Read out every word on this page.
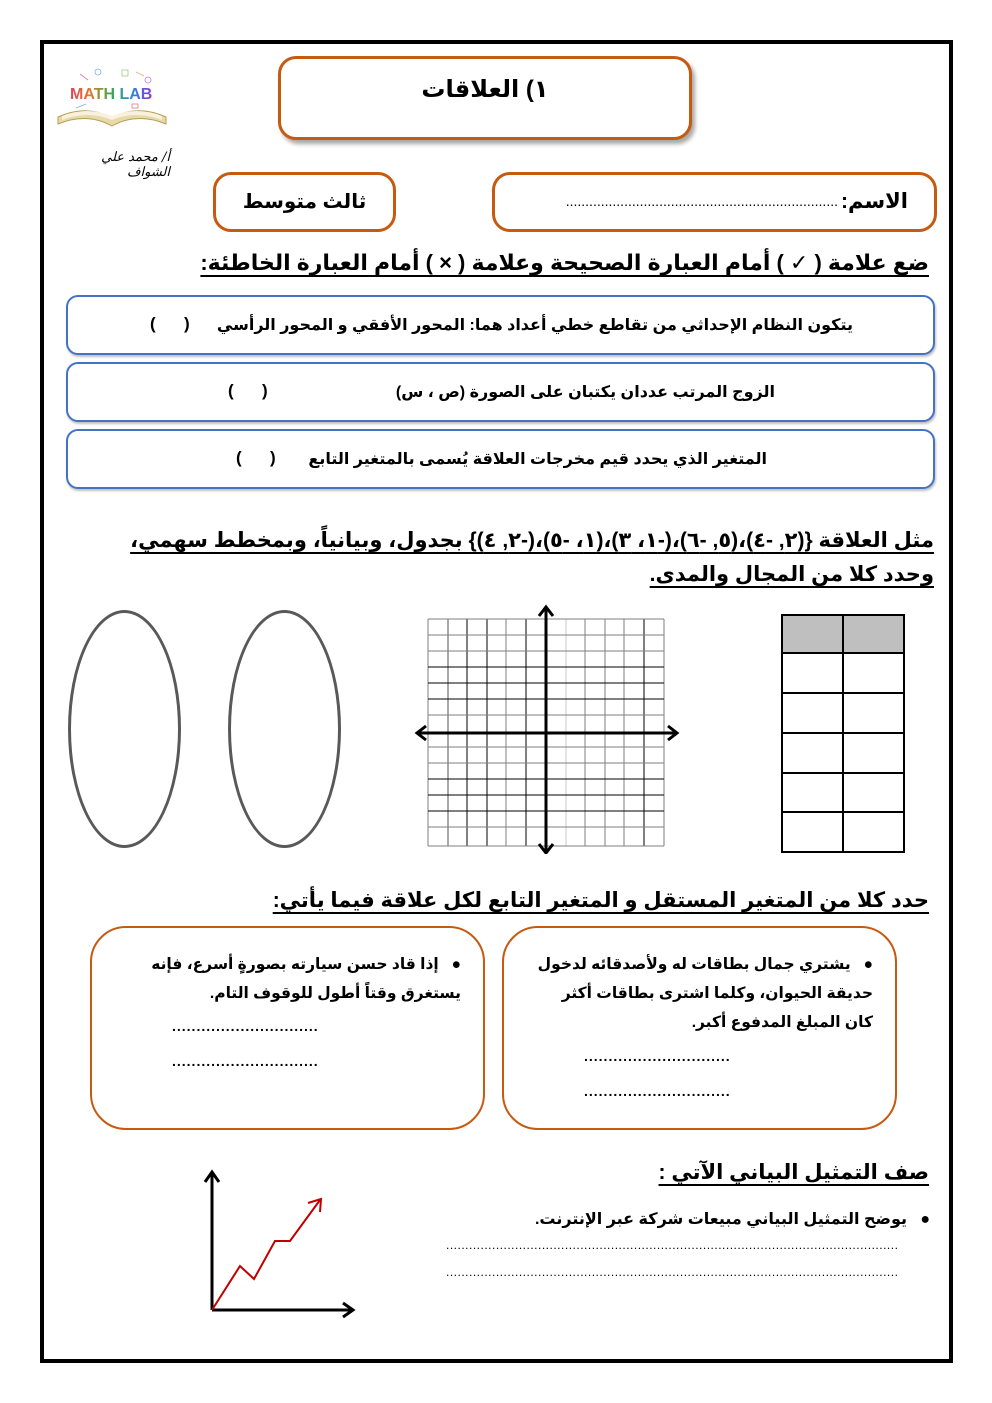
MATH LAB
أ/ محمد علي الشواف
١) العلاقات
ثالث متوسط	الاسم:
......................................................................
ضع علامة ( ✓ ) أمام العبارة الصحيحة وعلامة ( × ) أمام العبارة الخاطئة:
يتكون النظام الإحداثي من تقاطع خطي أعداد هما: المحور الأفقي و المحور الرأسي
(      )
الزوج المرتب عددان يكتبان على الصورة (ص ، س)
(      )
المتغير الذي يحدد قيم مخرجات العلاقة يُسمى بالمتغير التابع
(      )
مثل العلاقة {(٢, -٤)،(٥, -٦)،(-١، ٣)،(١، -٥)،(-٢, ٤)} بجدول، وبيانياً، وبمخطط سهمي،
وحدد كلا من المجال والمدى.
حدد كلا من المتغير المستقل و المتغير التابع لكل علاقة فيما يأتي:
●   يشتري جمال بطاقات له ولأصدقائه لدخول حديقة الحيوان، وكلما اشترى بطاقات أكثر كان المبلغ المدفوع أكبر.
..............................
..............................
●   إذا قاد حسن سيارته بصورةٍ أسرع، فإنه يستغرق وقتاً أطول للوقوف التام.
..............................
..............................
صف التمثيل البياني الآتي :
●   يوضح التمثيل البياني مبيعات شركة عبر الإنترنت.
......................................................................................................................
......................................................................................................................
